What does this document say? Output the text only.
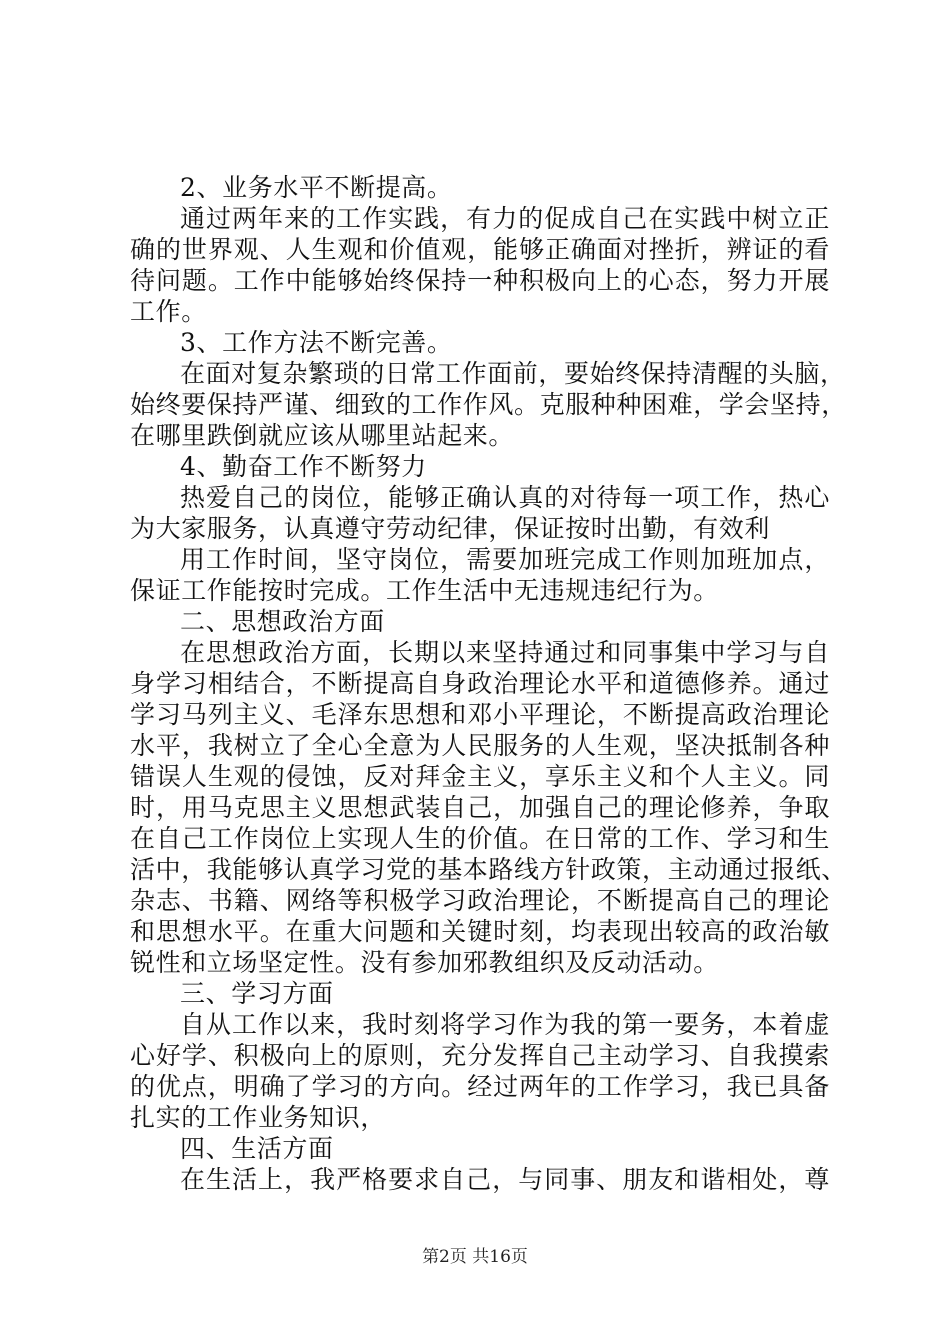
2、业务水平不断提高。
通过两年来的工作实践，有力的促成自己在实践中树立正
确的世界观、人生观和价值观，能够正确面对挫折，辨证的看
待问题。工作中能够始终保持一种积极向上的心态，努力开展
工作。
3、工作方法不断完善。
在面对复杂繁琐的日常工作面前，要始终保持清醒的头脑，
始终要保持严谨、细致的工作作风。克服种种困难，学会坚持，
在哪里跌倒就应该从哪里站起来。
4、勤奋工作不断努力
热爱自己的岗位，能够正确认真的对待每一项工作，热心
为大家服务，认真遵守劳动纪律，保证按时出勤，有效利
用工作时间，坚守岗位，需要加班完成工作则加班加点，
保证工作能按时完成。工作生活中无违规违纪行为。
二、思想政治方面
在思想政治方面，长期以来坚持通过和同事集中学习与自
身学习相结合，不断提高自身政治理论水平和道德修养。通过
学习马列主义、毛泽东思想和邓小平理论，不断提高政治理论
水平，我树立了全心全意为人民服务的人生观，坚决抵制各种
错误人生观的侵蚀，反对拜金主义，享乐主义和个人主义。同
时，用马克思主义思想武装自己，加强自己的理论修养，争取
在自己工作岗位上实现人生的价值。在日常的工作、学习和生
活中，我能够认真学习党的基本路线方针政策，主动通过报纸、
杂志、书籍、网络等积极学习政治理论，不断提高自己的理论
和思想水平。在重大问题和关键时刻，均表现出较高的政治敏
锐性和立场坚定性。没有参加邪教组织及反动活动。
三、学习方面
自从工作以来，我时刻将学习作为我的第一要务，本着虚
心好学、积极向上的原则，充分发挥自己主动学习、自我摸索
的优点，明确了学习的方向。经过两年的工作学习，我已具备
扎实的工作业务知识，
四、生活方面
在生活上，我严格要求自己，与同事、朋友和谐相处，尊
第2页 共16页
